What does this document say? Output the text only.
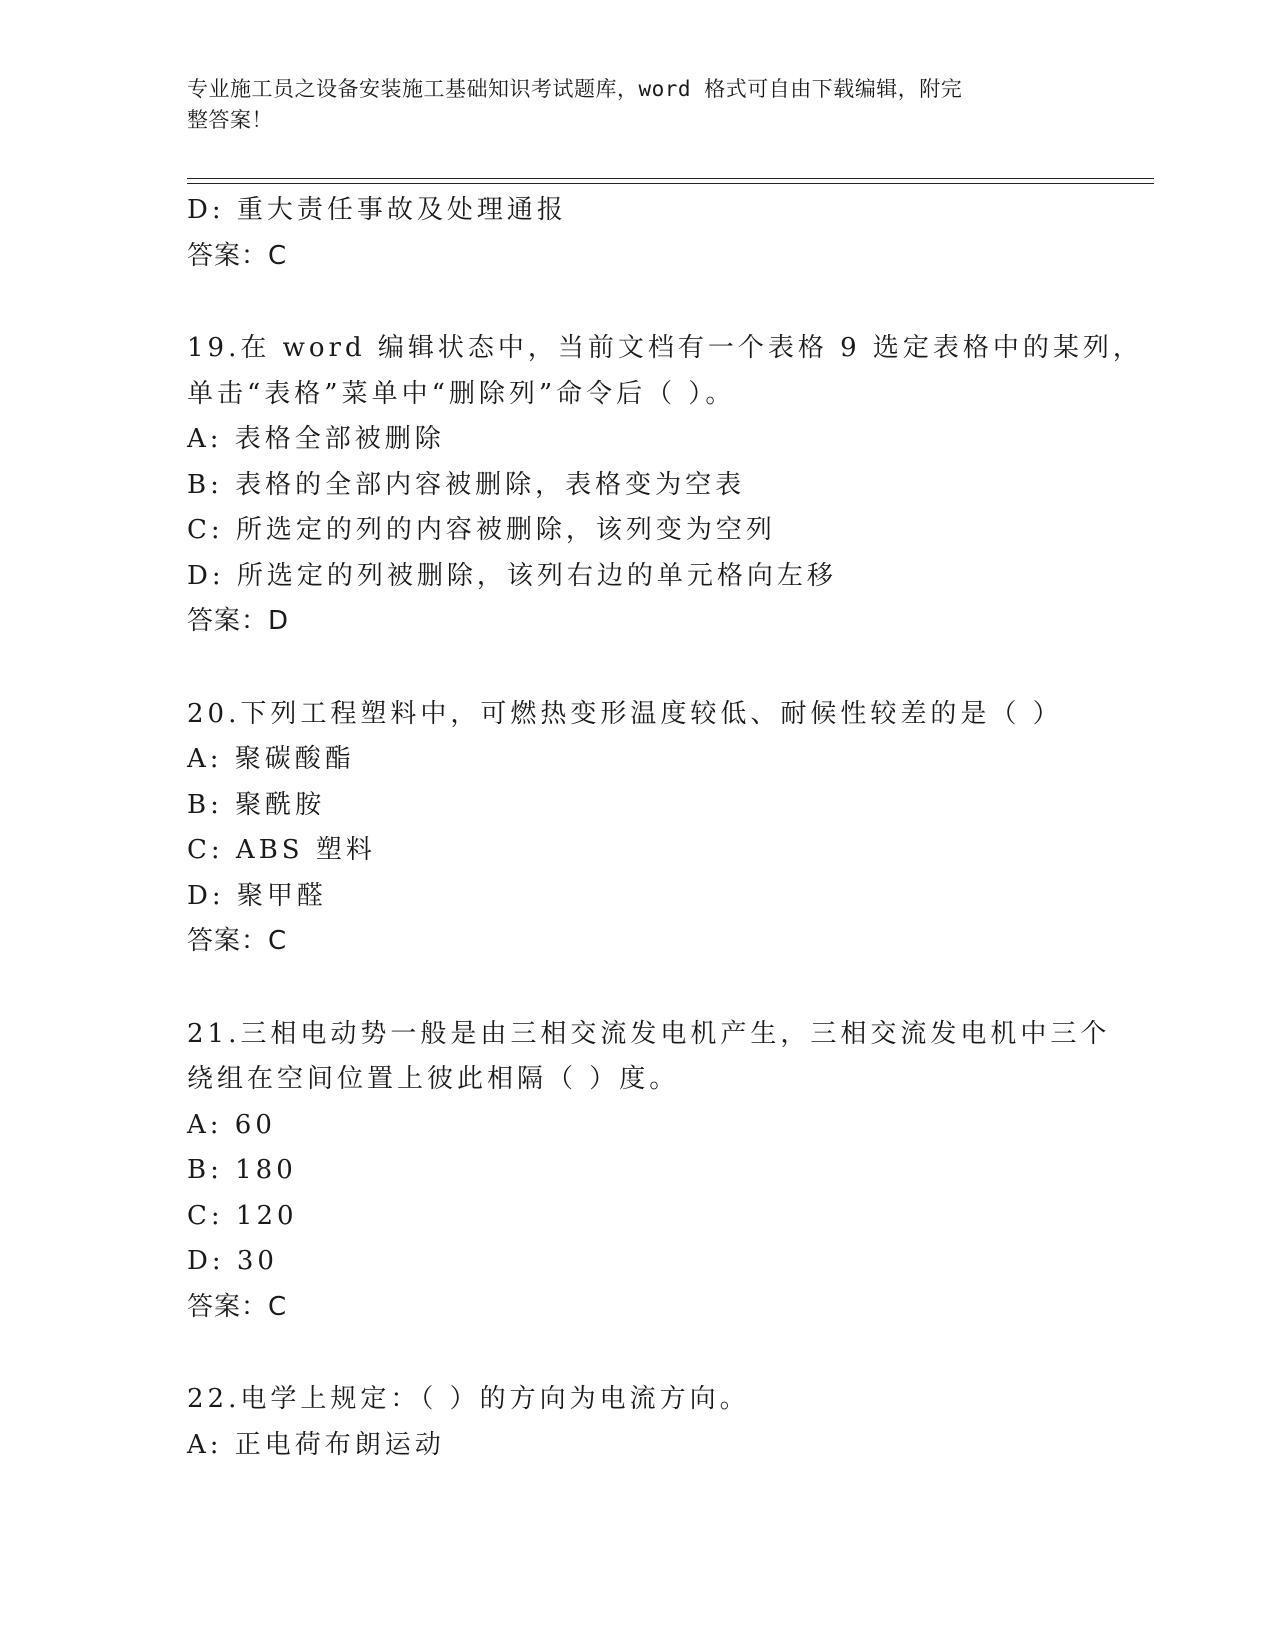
专业施工员之设备安装施工基础知识考试题库，word 格式可自由下载编辑，附完
整答案！
D: 重大责任事故及处理通报
答案：C
19.在 word 编辑状态中，当前文档有一个表格 9 选定表格中的某列，
单击“表格”菜单中“删除列”命令后（ ）。
A: 表格全部被删除
B: 表格的全部内容被删除，表格变为空表
C: 所选定的列的内容被删除，该列变为空列
D: 所选定的列被删除，该列右边的单元格向左移
答案：D
20.下列工程塑料中，可燃热变形温度较低、耐候性较差的是（ ）
A: 聚碳酸酯
B: 聚酰胺
C: ABS 塑料
D: 聚甲醛
答案：C
21.三相电动势一般是由三相交流发电机产生，三相交流发电机中三个
绕组在空间位置上彼此相隔（ ）度。
A: 60
B: 180
C: 120
D: 30
答案：C
22.电学上规定：（ ）的方向为电流方向。
A: 正电荷布朗运动
